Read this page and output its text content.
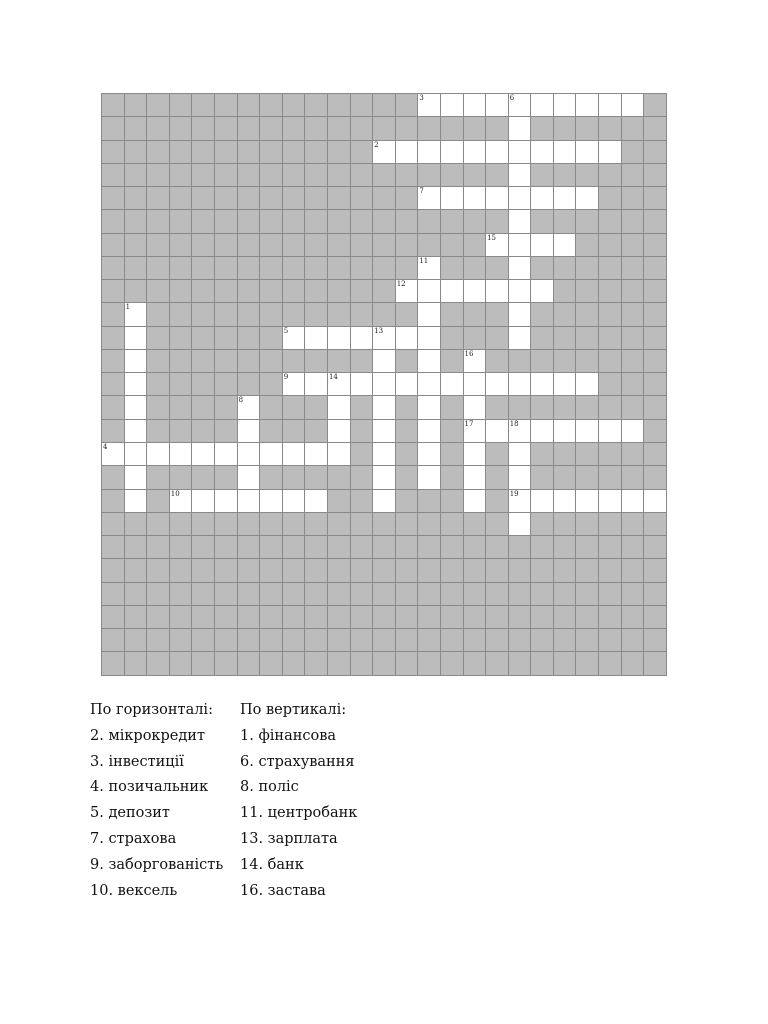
3	6
2
7
15
11
12
1
5	13
16
9	14
8
17	18
4
10	19
По горизонталі:
2. мікрокредит
3. інвестиції
4. позичальник
5. депозит
7. страхова
9. заборгованість
10. вексель
По вертикалі:
1. фінансова
6. страхування
8. поліс
11. центробанк
13. зарплата
14. банк
16. застава
